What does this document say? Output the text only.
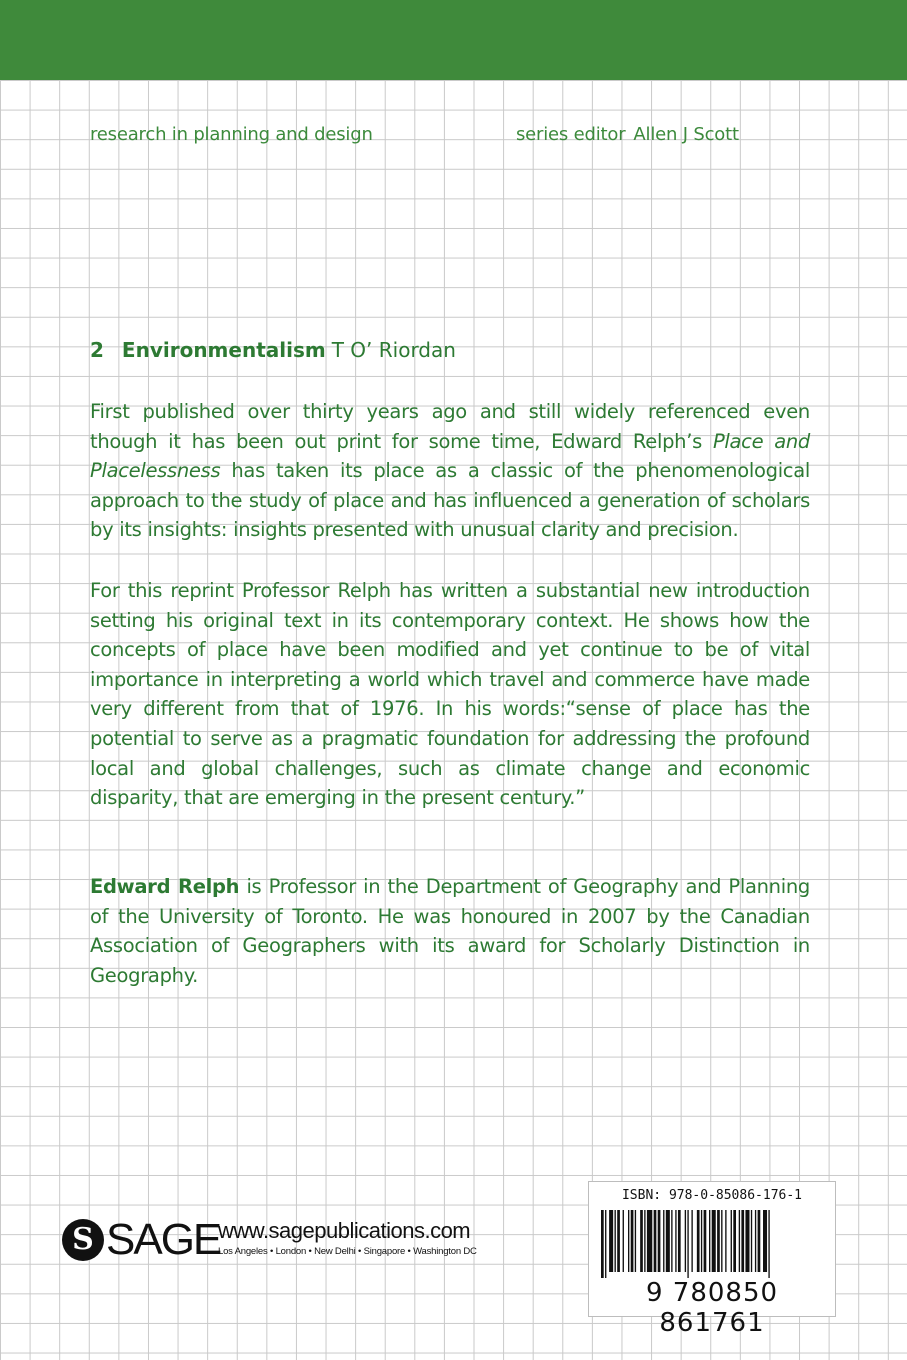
research in planning and design	series editor Allen J Scott
2 Environmentalism T O’ Riordan
First published over thirty years ago and still widely referenced even though it has been out print for some time, Edward Relph’s Place and Placelessness has taken its place as a classic of the phenomenological approach to the study of place and has influenced a generation of scholars by its insights: insights presented with unusual clarity and precision.
For this reprint Professor Relph has written a substantial new introduction setting his original text in its contemporary context. He shows how the concepts of place have been modified and yet continue to be of vital importance in interpreting a world which travel and commerce have made very different from that of 1976. In his words:“sense of place has the potential to serve as a pragmatic foundation for addressing the profound local and global challenges, such as climate change and economic disparity, that are emerging in the present century.”
Edward Relph is Professor in the Department of Geography and Planning of the University of Toronto. He was honoured in 2007 by the Canadian Association of Geographers with its award for Scholarly Distinction in Geography.
S SAGE
www.sagepublications.com
Los Angeles • London • New Delhi • Singapore • Washington DC
ISBN: 978-0-85086-176-1
9 780850 861761
